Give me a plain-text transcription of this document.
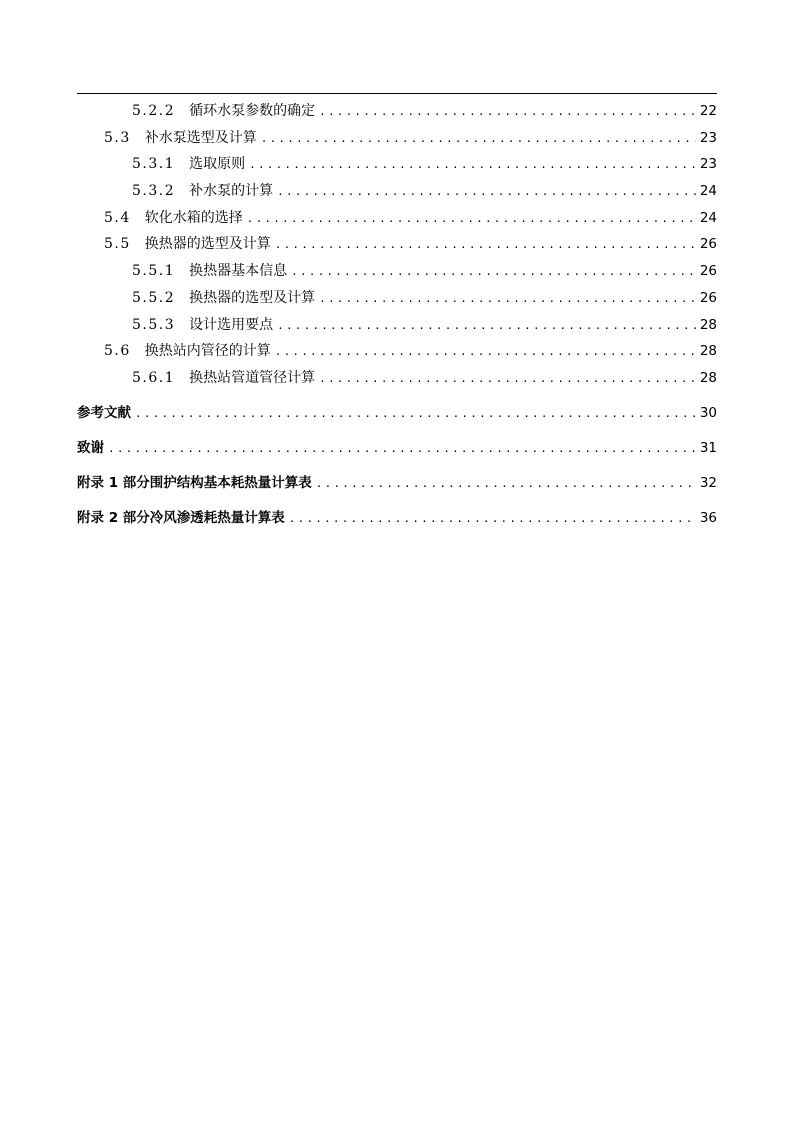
5.2.2 循环水泵参数的确定 .....	22
5.3 补水泵选型及计算 .....	23
5.3.1 选取原则 .....	23
5.3.2 补水泵的计算 .....	24
5.4 软化水箱的选择 .....	24
5.5 换热器的选型及计算 .....	26
5.5.1 换热器基本信息 .....	26
5.5.2 换热器的选型及计算 .....	26
5.5.3 设计选用要点 .....	28
5.6 换热站内管径的计算 .....	28
5.6.1 换热站管道管径计算 .....	28
参考文献 .....	30
致谢 .....	31
附录 1 部分围护结构基本耗热量计算表 .....	32
附录 2 部分冷风渗透耗热量计算表 .....	36
